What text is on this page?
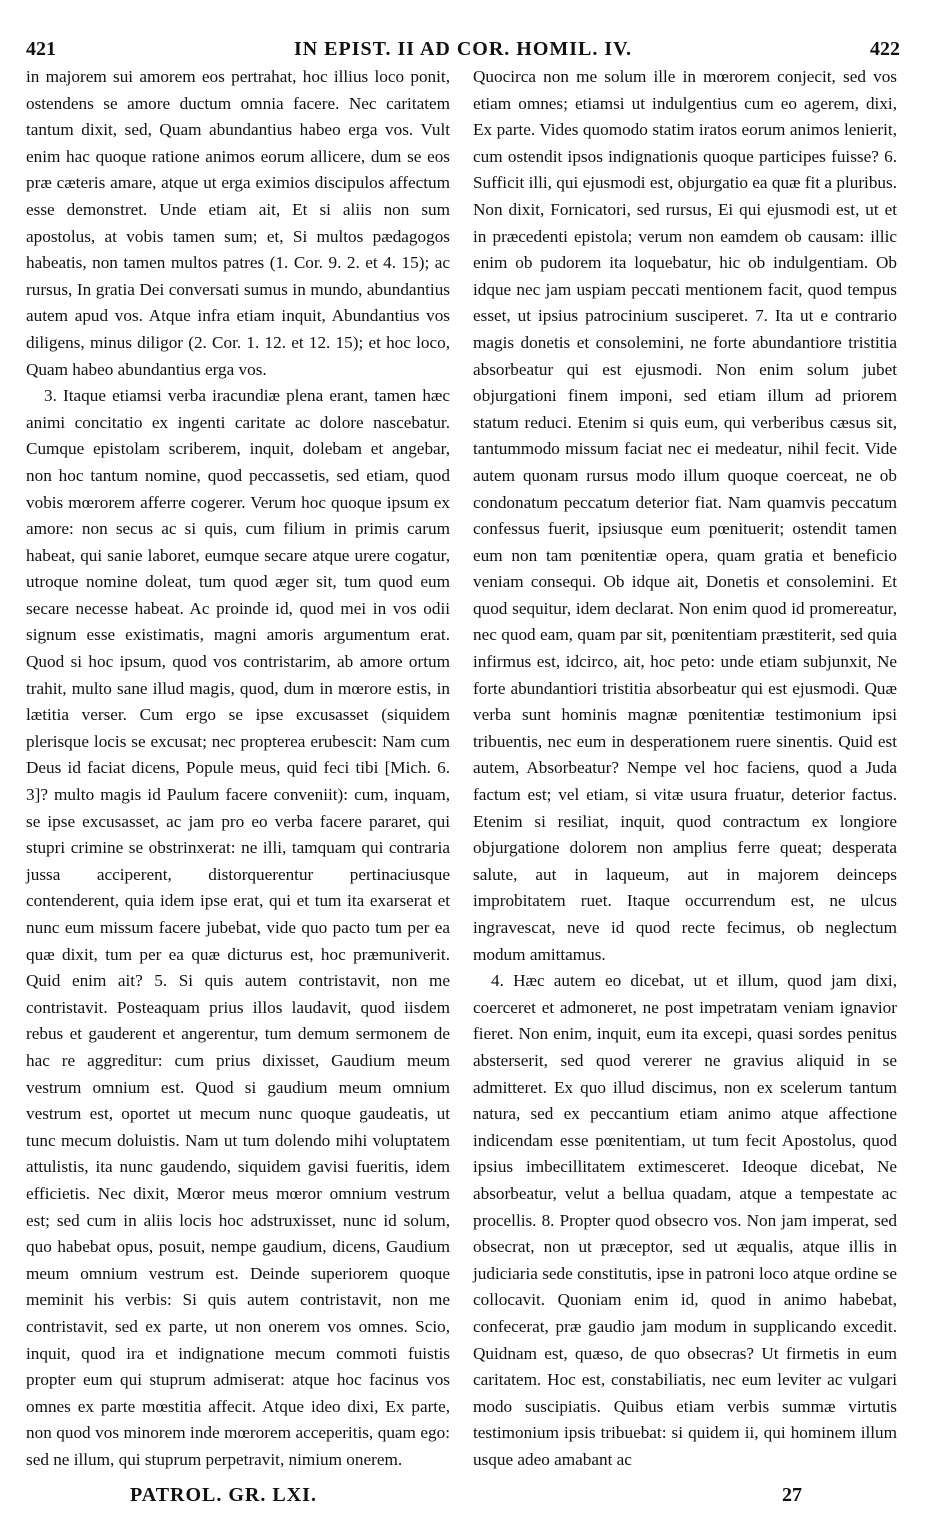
421	IN EPIST. II AD COR. HOMIL. IV.	422

in majorem sui amorem eos pertrahat, hoc illius loco ponit, ostendens se amore ductum omnia facere. Nec caritatem tantum dixit, sed, Quam abundantius habeo erga vos. Vult enim hac quoque ratione animos eorum allicere, dum se eos præ cæteris amare, atque ut erga eximios discipulos affectum esse demonstret. Unde etiam ait, Et si aliis non sum apostolus, at vobis tamen sum; et, Si multos pædagogos habeatis, non tamen multos patres (1. Cor. 9. 2. et 4. 15); ac rursus, In gratia Dei conversati sumus in mundo, abundantius autem apud vos. Atque infra etiam inquit, Abundantius vos diligens, minus diligor (2. Cor. 1. 12. et 12. 15); et hoc loco, Quam habeo abundantius erga vos.

3. Itaque etiamsi verba iracundiæ plena erant, tamen hæc animi concitatio ex ingenti caritate ac dolore nascebatur. Cumque epistolam scriberem, inquit, dolebam et angebar, non hoc tantum nomine, quod peccassetis, sed etiam, quod vobis mœrorem afferre cogerer. Verum hoc quoque ipsum ex amore: non secus ac si quis, cum filium in primis carum habeat, qui sanie laboret, eumque secare atque urere cogatur, utroque nomine doleat, tum quod æger sit, tum quod eum secare necesse habeat. Ac proinde id, quod mei in vos odii signum esse existimatis, magni amoris argumentum erat. Quod si hoc ipsum, quod vos contristarim, ab amore ortum trahit, multo sane illud magis, quod, dum in mœrore estis, in lætitia verser. Cum ergo se ipse excusasset (siquidem plerisque locis se excusat; nec propterea erubescit: Nam cum Deus id faciat dicens, Popule meus, quid feci tibi [Mich. 6. 3]? multo magis id Paulum facere conveniit): cum, inquam, se ipse excusasset, ac jam pro eo verba facere pararet, qui stupri crimine se obstrinxerat: ne illi, tamquam qui contraria jussa acciperent, distorquerentur pertinaciusque contenderent, quia idem ipse erat, qui et tum ita exarserat et nunc eum missum facere jubebat, vide quo pacto tum per ea quæ dixit, tum per ea quæ dicturus est, hoc præmuniverit. Quid enim ait? 5. Si quis autem contristavit, non me contristavit. Posteaquam prius illos laudavit, quod iisdem rebus et gauderent et angerentur, tum demum sermonem de hac re aggreditur: cum prius dixisset, Gaudium meum vestrum omnium est. Quod si gaudium meum omnium vestrum est, oportet ut mecum nunc quoque gaudeatis, ut tunc mecum doluistis. Nam ut tum dolendo mihi voluptatem attulistis, ita nunc gaudendo, siquidem gavisi fueritis, idem efficietis. Nec dixit, Mœror meus mœror omnium vestrum est; sed cum in aliis locis hoc adstruxisset, nunc id solum, quo habebat opus, posuit, nempe gaudium, dicens, Gaudium meum omnium vestrum est. Deinde superiorem quoque meminit his verbis: Si quis autem contristavit, non me contristavit, sed ex parte, ut non onerem vos omnes. Scio, inquit, quod ira et indignatione mecum commoti fuistis propter eum qui stuprum admiserat: atque hoc facinus vos omnes ex parte mœstitia affecit. Atque ideo dixi, Ex parte, non quod vos minorem inde mœrorem acceperitis, quam ego: sed ne illum, qui stuprum perpetravit, nimium onerem.

Quocirca non me solum ille in mœrorem conjecit, sed vos etiam omnes; etiamsi ut indulgentius cum eo agerem, dixi, Ex parte. Vides quomodo statim iratos eorum animos lenierit, cum ostendit ipsos indignationis quoque participes fuisse? 6. Sufficit illi, qui ejusmodi est, objurgatio ea quæ fit a pluribus. Non dixit, Fornicatori, sed rursus, Ei qui ejusmodi est, ut et in præcedenti epistola; verum non eamdem ob causam: illic enim ob pudorem ita loquebatur, hic ob indulgentiam. Ob idque nec jam uspiam peccati mentionem facit, quod tempus esset, ut ipsius patrocinium susciperet. 7. Ita ut e contrario magis donetis et consolemini, ne forte abundantiore tristitia absorbeatur qui est ejusmodi. Non enim solum jubet objurgationi finem imponi, sed etiam illum ad priorem statum reduci. Etenim si quis eum, qui verberibus cæsus sit, tantummodo missum faciat nec ei medeatur, nihil fecit. Vide autem quonam rursus modo illum quoque coerceat, ne ob condonatum peccatum deterior fiat. Nam quamvis peccatum confessus fuerit, ipsiusque eum pœnituerit; ostendit tamen eum non tam pœnitentiæ opera, quam gratia et beneficio veniam consequi. Ob idque ait, Donetis et consolemini. Et quod sequitur, idem declarat. Non enim quod id promereatur, nec quod eam, quam par sit, pœnitentiam præstiterit, sed quia infirmus est, idcirco, ait, hoc peto: unde etiam subjunxit, Ne forte abundantiori tristitia absorbeatur qui est ejusmodi. Quæ verba sunt hominis magnæ pœnitentiæ testimonium ipsi tribuentis, nec eum in desperationem ruere sinentis. Quid est autem, Absorbeatur? Nempe vel hoc faciens, quod a Juda factum est; vel etiam, si vitæ usura fruatur, deterior factus. Etenim si resiliat, inquit, quod contractum ex longiore objurgatione dolorem non amplius ferre queat; desperata salute, aut in laqueum, aut in majorem deinceps improbitatem ruet. Itaque occurrendum est, ne ulcus ingravescat, neve id quod recte fecimus, ob neglectum modum amittamus.

4. Hæc autem eo dicebat, ut et illum, quod jam dixi, coerceret et admoneret, ne post impetratam veniam ignavior fieret. Non enim, inquit, eum ita excepi, quasi sordes penitus absterserit, sed quod vererer ne gravius aliquid in se admitteret. Ex quo illud discimus, non ex scelerum tantum natura, sed ex peccantium etiam animo atque affectione indicendam esse pœnitentiam, ut tum fecit Apostolus, quod ipsius imbecillitatem extimesceret. Ideoque dicebat, Ne absorbeatur, velut a bellua quadam, atque a tempestate ac procellis. 8. Propter quod obsecro vos. Non jam imperat, sed obsecrat, non ut præceptor, sed ut æqualis, atque illis in judiciaria sede constitutis, ipse in patroni loco atque ordine se collocavit. Quoniam enim id, quod in animo habebat, confecerat, præ gaudio jam modum in supplicando excedit. Quidnam est, quæso, de quo obsecras? Ut firmetis in eum caritatem. Hoc est, constabiliatis, nec eum leviter ac vulgari modo suscipiatis. Quibus etiam verbis summæ virtutis testimonium ipsis tribuebat: si quidem ii, qui hominem illum usque adeo amabant ac

PATROL. GR. LXI.	27
